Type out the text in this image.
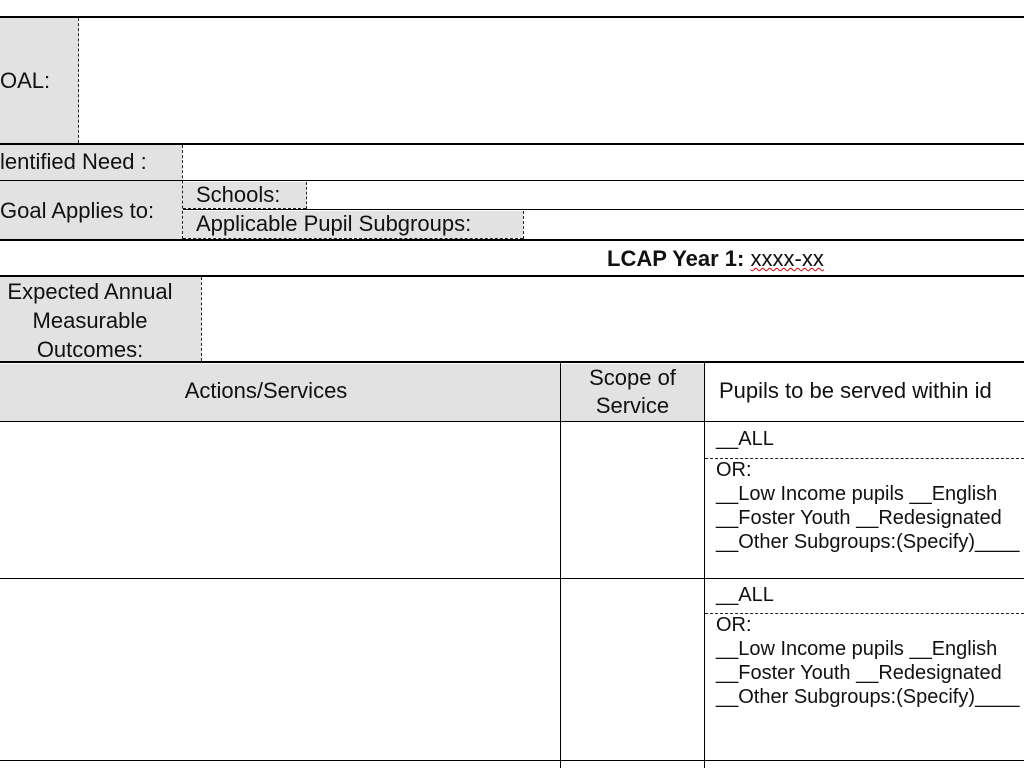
OAL:
lentified Need :
Goal Applies to:
Schools:
Applicable Pupil Subgroups:
LCAP Year 1: xxxx-xx
Expected Annual
Measurable
Outcomes:
Actions/Services
Scope of
Service
Pupils to be served within id
__ALL
OR:
__Low Income pupils __English
__Foster Youth __Redesignated
__Other Subgroups:(Specify)____
__ALL
OR:
__Low Income pupils __English
__Foster Youth __Redesignated
__Other Subgroups:(Specify)____
